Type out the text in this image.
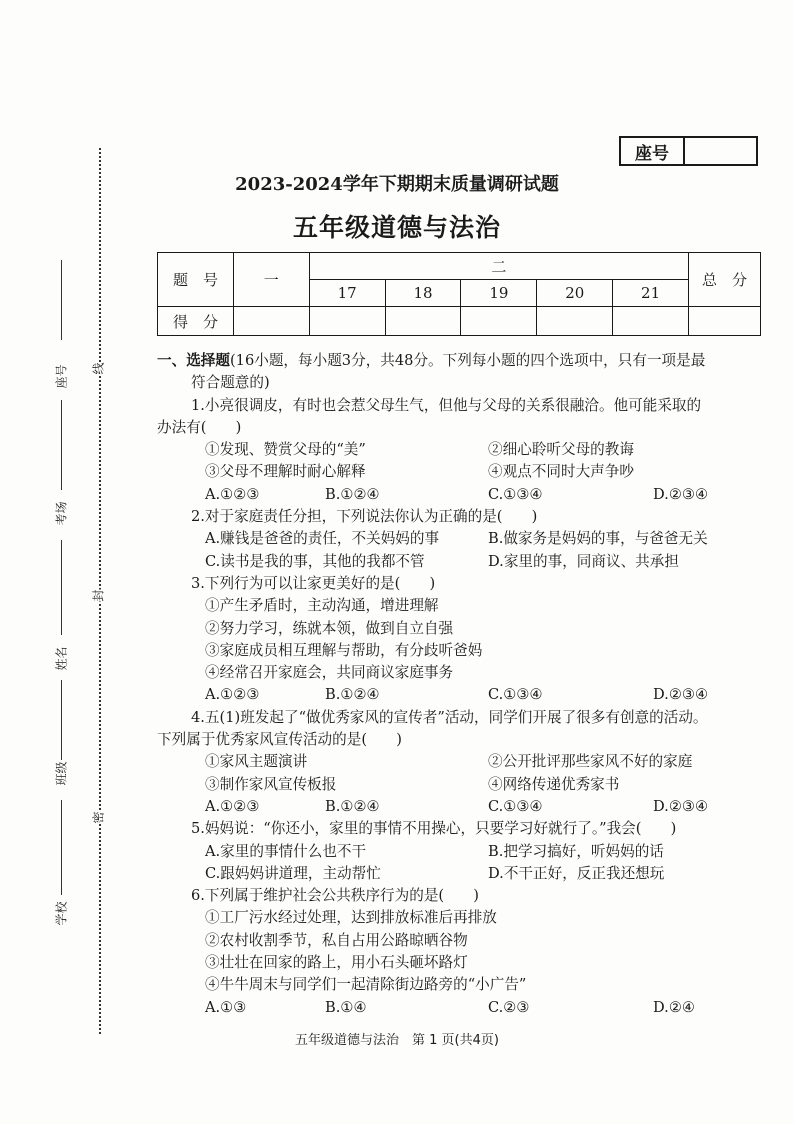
座号
2023-2024学年下期期末质量调研试题
五年级道德与法治
题　号	一	二					总　分
		17	18	19	20	21	
得　分							
座号
考场
姓名
班级
学校
线
封
密
一、选择题(16小题，每小题3分，共48分。下列每小题的四个选项中，只有一项是最
符合题意的)
1.小亮很调皮，有时也会惹父母生气，但他与父母的关系很融洽。他可能采取的
办法有(　　)
①发现、赞赏父母的“美”	②细心聆听父母的教诲
③父母不理解时耐心解释	④观点不同时大声争吵
A.①②③	B.①②④	C.①③④	D.②③④
2.对于家庭责任分担，下列说法你认为正确的是(　　)
A.赚钱是爸爸的责任，不关妈妈的事	B.做家务是妈妈的事，与爸爸无关
C.读书是我的事，其他的我都不管	D.家里的事，同商议、共承担
3.下列行为可以让家更美好的是(　　)
①产生矛盾时，主动沟通，增进理解
②努力学习，练就本领，做到自立自强
③家庭成员相互理解与帮助，有分歧听爸妈
④经常召开家庭会，共同商议家庭事务
A.①②③	B.①②④	C.①③④	D.②③④
4.五(1)班发起了“做优秀家风的宣传者”活动，同学们开展了很多有创意的活动。
下列属于优秀家风宣传活动的是(　　)
①家风主题演讲	②公开批评那些家风不好的家庭
③制作家风宣传板报	④网络传递优秀家书
A.①②③	B.①②④	C.①③④	D.②③④
5.妈妈说：“你还小，家里的事情不用操心，只要学习好就行了。”我会(　　)
A.家里的事情什么也不干	B.把学习搞好，听妈妈的话
C.跟妈妈讲道理，主动帮忙	D.不干正好，反正我还想玩
6.下列属于维护社会公共秩序行为的是(　　)
①工厂污水经过处理，达到排放标准后再排放
②农村收割季节，私自占用公路晾晒谷物
③壮壮在回家的路上，用小石头砸坏路灯
④牛牛周末与同学们一起清除街边路旁的“小广告”
A.①③	B.①④	C.②③	D.②④
五年级道德与法治　第 1 页(共4页)
